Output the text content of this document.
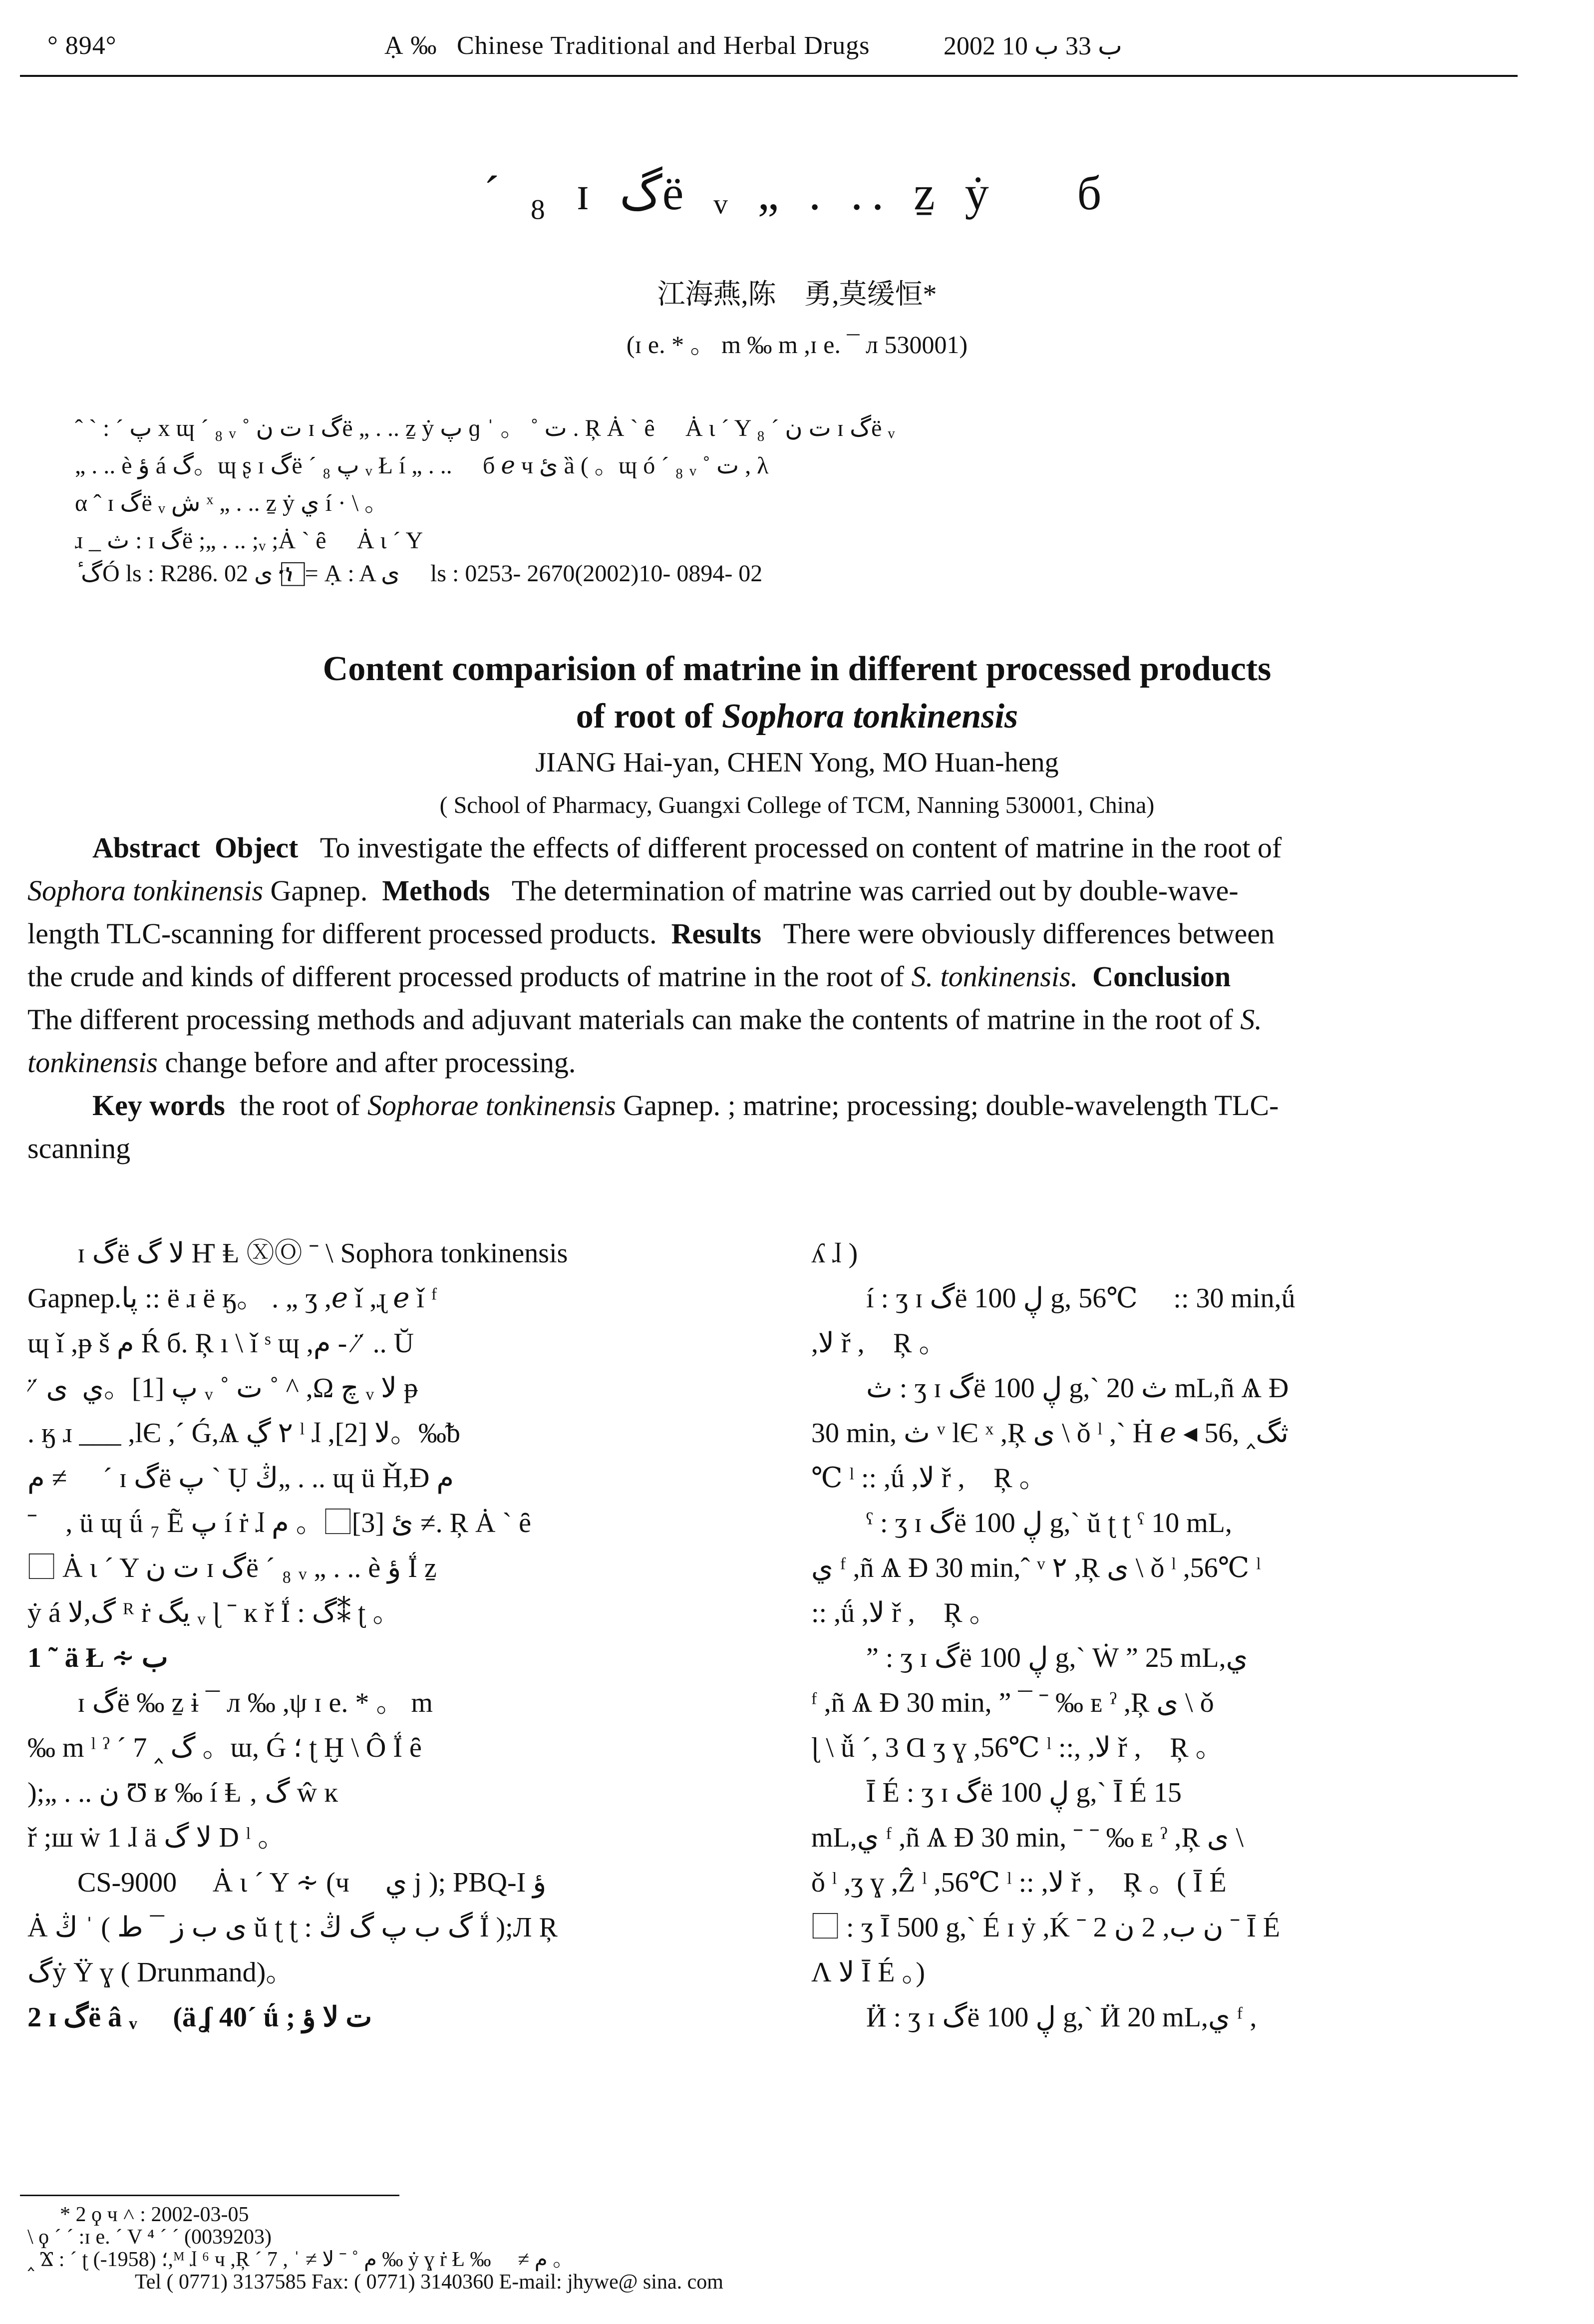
° 894°	Ạ ‰ Chinese Traditional and Herbal Drugs	2002 ب 33 ب 10
´ ₈ ɪ گë ᵥ „ . .. ẕ ẏ ⃞ б
江海燕,陈　勇,莫缓恒*
(ɪ e. * 。 m ‰ m ,ɪ e. ¯ л 530001)
ˆ ˋ : ˊ پ x ɰ ´ ₈ ᵥ ˚ ت ن ɪ گë „ . .. ẕ ẏ پ ɡ ˈ 。 ˚ ت . Ŗ Ȧ ˋ ȇ ⃞ Ȧ ɩ ´ Y ت ن ´ ₈ ɪ گë ᵥ
„ . .. è ؤ á گ。ɰ ʂ ɪ گë ´ ₈ پ ᵥ Ł í „ . .. ⃞ б ℯ ч ئ ȁ ( 。ɰ ó ´ ₈ ᵥ ˚ ت , λ
α ˆ ɪ گë ᵥ ش ˣ „ . .. ẕ ẏ ي í · \ 。
ɹ _ ث : ɪ گë ;„ . .. ;ᵥ ;Ȧ ˋ ȇ ⃞ Ȧ ɩ ´ Y
ٔ گÓ ls : R286. 02 ى ኀ ⃞ = Ạ : A ى ⃞ ls : 0253- 2670(2002)10- 0894- 02
Content comparision of matrine in different processed products
of root of Sophora tonkinensis
JIANG Hai-yan, CHEN Yong, MO Huan-heng
( School of Pharmacy, Guangxi College of TCM, Nanning 530001, China)
Abstract Object To investigate the effects of different processed on content of matrine in the root of
Sophora tonkinensis Gapnep. Methods The determination of matrine was carried out by double-wave-
length TLC-scanning for different processed products. Results There were obviously differences between
the crude and kinds of different processed products of matrine in the root of S. tonkinensis. Conclusion
The different processing methods and adjuvant materials can make the contents of matrine in the root of S.
tonkinensis change before and after processing.
Key words the root of Sophorae tonkinensis Gapnep. ; matrine; processing; double-wavelength TLC-
scanning
ɪ گë ﻻ گ Ҥ Ⱡ ⓍⓄ ˉ \ Sophora tonkinensis
Gapnep.پا :: ë ɹ ë ӄ。 . „ ʒ ,ℯ ǐ ,ɻ ℯ ǐ ᶠ
ɰ ǐ ,ᵽ š م Ŕ б. Ŗ ı \ ǐ ˢ ɰ ,م ‐ ⁄ ̈ .. Ŭ
⁄ ̈ پ [1]。ي ‌ ى ᵥ ˚ ت ˚ ^ ,Ω چ ᵥ ﻻ ᵽ
. ӄ ɹ ___ ,ӏЄ ,ˊ Ǵ,Ѧ ٢ ڲ ˡ ɺ ,ﻻ [2]。‰ᵬ
م ≠ ⃞ ´ ɪ گë پ ˋ Ụ ڭ„ . .. ɰ ü Ȟ,Ɖ م
ˉ ⃞, ü ɰ ǘ ₇ Ẽ پ í ṙ ɺ ئ [3]。⃞ م ≠. Ŗ Ȧ ˋ ȇ
⃞ Ȧ ɩ ´ Y ت ن ɪ گë ´ ₈ ᵥ „ . .. è ؤ Ḯ ẕ
ẏ á گ,ﻻ ᴿ ṙ يگ ᵥ ɭ ˉ ĸ ř Ḯ : گ⁑ ʈ 。
1 ˜ ä Ł ∻ ب
ɪ گë ‰ ẕ ɨ ¯ л ‰ ,ψ ɪ e. * 。 m
‰ m ˡ ˀ ´ 7 ‸ گ 。ɯ, Ǵ ؛ ʈ Ḫ \ Ô Ḯ ȇ
);„ . .. ن Ʊ ʁ ‰ í Ⱡ ‚ گ ŵ ĸ
ř ;ш ẇ 1 ɺ ä ﻻ گ D ˡ 。
CS-9000 ⃞ Ȧ ɩ ´ Y ∻ (ч ⃞ ي j ); PBQ-I ؤ ⃞
Ȧ ڭ ˈ ( ى ب ز ¯ ط ŭ ʈ ʈ : گ ب پ گ ڭ Ḯ );Л Ŗ
گẏ Ϋ ɣ ( Drunmand)。
2 ɪ گë â ᵥ ⃞ (ä ʆ 40ˊ ǘ ; ت ﻻ ؤ
ʎ ɺ )
í : ʒ ɪ گë ڸ 100 g, 56℃ ⃞ :: 30 min,ǘ
,ﻻ ř ,⃞ Ŗ 。
ث : ʒ ɪ گë ڸ 100 g,ˋ ث 20 mL,ñ Ѧ Ɖ
30 min, ث ᵛ ӏЄ ˣ ,Ŗ ى \ ǒ ˡ ,ˋ Ḣ ℯ ◂ ثگ‸ ,56
℃ ˡ :: ,ǘ ,ﻻ ř ,⃞ Ŗ 。
ˁ : ʒ ɪ گë ڸ 100 g,ˋ ŭ ʈ ʈ ˁ 10 mL,
ي ᶠ ,ñ Ѧ Ɖ 30 min,ˆ ᵛ ٢ ,Ŗ ى \ ǒ ˡ ,56℃ ˡ
:: ,ǘ ,ﻻ ř ,⃞ Ŗ 。
ˮ : ʒ ɪ گë ڸ 100 g,ˋ Ẇ ˮ 25 mL,ي
ᶠ ,ñ Ѧ Ɖ 30 min, ˮ ¯ ˉ ‰ ᴇ ˀ ,Ŗ ى \ ǒ
ɭ \ ǚ ´, 3 Ɑ ʒ ɣ ,56℃ ˡ ::, ,ﻻ ř ,⃞ Ŗ 。
Ī É : ʒ ɪ گë ڸ 100 g,ˋ Ī É 15
mL,ي ᶠ ,ñ Ѧ Ɖ 30 min, ˉ ˉ ‰ ᴇ ˀ ,Ŗ ى \
ǒ ˡ ,ʒ ɣ ,Ẑ ˡ ,56℃ ˡ :: ,ﻻ ř ,⃞ Ŗ 。( Ī É
⃞ : ʒ Ī 500 g,ˋ É ɪ ẏ ,Ḱ ˉ 2 ن ب, 2 ن ˉ Ī É
Ʌ ﻻ Ī É 。)
Ӥ : ʒ ɪ گë ڸ 100 g,ˋ Ӥ 20 mL,ي ᶠ ,
* 2 ϙ ч ˄ : 2002-03-05
\ ϙ ˊ ˊ :ɪ e. ´ V ⁴ ˊ ˊ (0039203)
‸ Ϫ : ˊ ʈ ؛ (1958-),ᴹ ɺ ⁶ ч ,Ŗ ˊ 7 , ˈ ≠ م ˚ ˉ ﻻ ‰ ẏ ɣ ṙ Ł ‰ ⃞ ≠ م 。
Tel ( 0771) 3137585 Fax: ( 0771) 3140360 E-mail: jhywe@ sina. com
